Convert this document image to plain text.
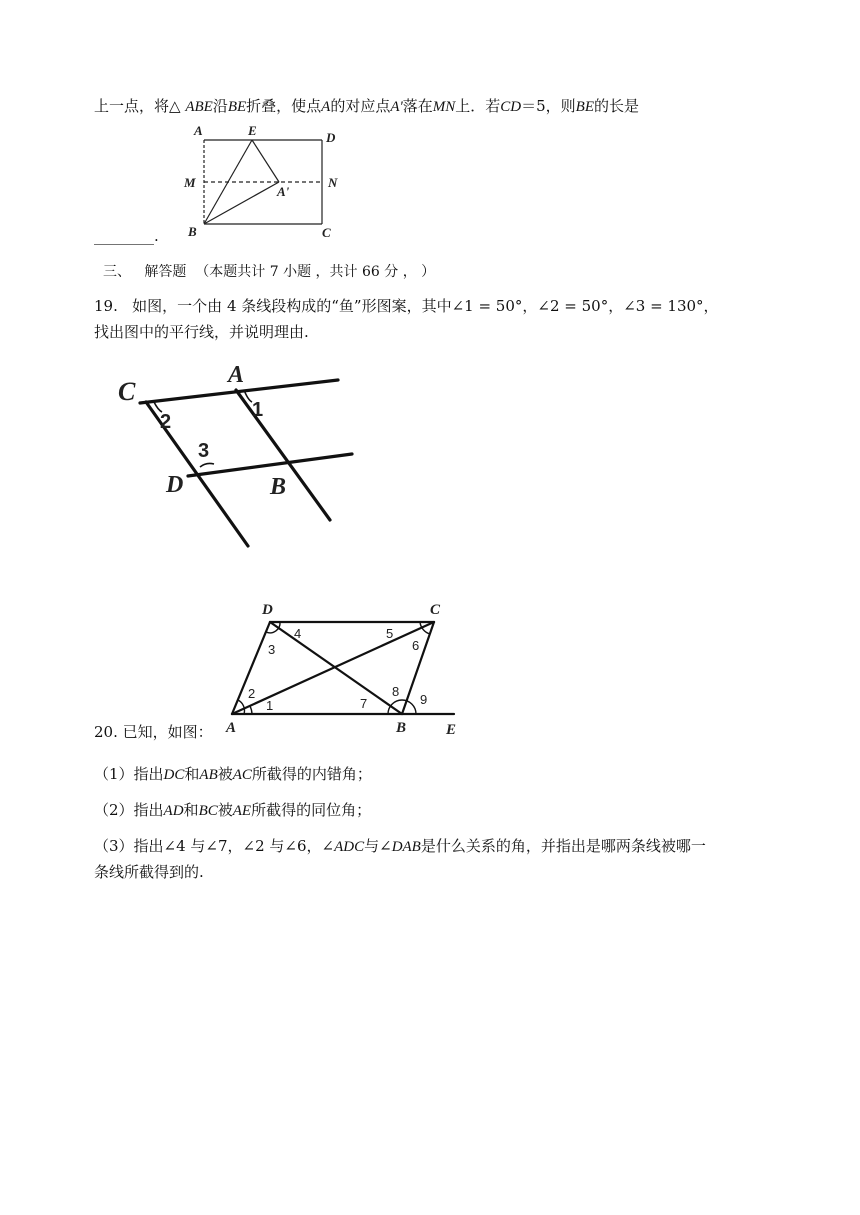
上一点，将△ ABE沿BE折叠，使点A的对应点A'落在MN上．若CD＝5，则BE的长是
A	E	D
M	N
A'
B	C
________.
三、 解答题 （本题共计 7 小题 ，共计 66 分 ， ）
19. 如图，一个由 4 条线段构成的“鱼”形图案，其中∠1 = 50°，∠2 = 50°，∠3 = 130°，
找出图中的平行线，并说明理由.
C
A
1
2
3
D	B
D	C
A	B	E
1
2
3
4	5
6
7
8
9
20. 已知，如图：
（1）指出DC和AB被AC所截得的内错角；
（2）指出AD和BC被AE所截得的同位角；
（3）指出∠4 与∠7，∠2 与∠6，∠ADC与∠DAB是什么关系的角，并指出是哪两条线被哪一
条线所截得到的.
